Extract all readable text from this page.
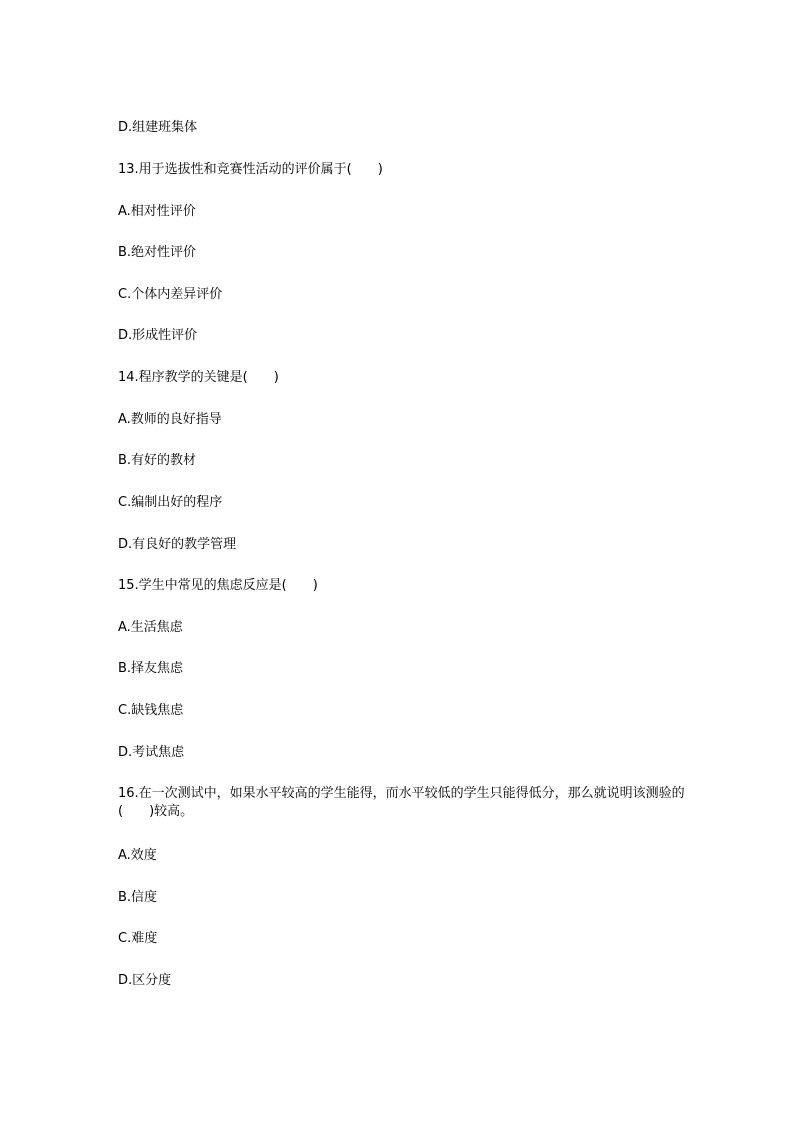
D.组建班集体
13.用于选拔性和竞赛性活动的评价属于(　　)
A.相对性评价
B.绝对性评价
C.个体内差异评价
D.形成性评价
14.程序教学的关键是(　　)
A.教师的良好指导
B.有好的教材
C.编制出好的程序
D.有良好的教学管理
15.学生中常见的焦虑反应是(　　)
A.生活焦虑
B.择友焦虑
C.缺钱焦虑
D.考试焦虑
16.在一次测试中，如果水平较高的学生能得，而水平较低的学生只能得低分，那么就说明该测验的(　　)较高。
A.效度
B.信度
C.难度
D.区分度
